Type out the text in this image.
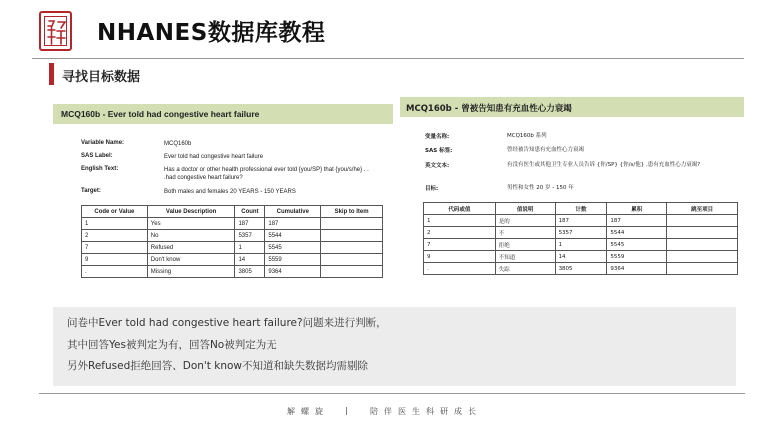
NHANES数据库教程
寻找目标数据
MCQ160b - Ever told had congestive heart failure
Variable Name:	MCQ160b
SAS Label:	Ever told had congestive heart failure
English Text:	Has a doctor or other health professional ever told {you/SP} that {you/s/he} . . .had congestive heart failure?
Target:	Both males and females 20 YEARS - 150 YEARS
Code or Value	Value Description	Count	Cumulative	Skip to Item
1	Yes	187	187	
2	No	5357	5544	
7	Refused	1	5545	
9	Don't know	14	5559	
.	Missing	3805	9364	
MCQ160b - 曾被告知患有充血性心力衰竭
变量名称:	MCQ160b 系列
SAS 标签:	曾经被告知患有充血性心力衰竭
英文文本:	有没有医生或其他卫生专业人员告诉 {你/SP} {你/s/他} .患有充血性心力衰竭?
目标:	男性和女性 20 岁 - 150 年
代码或值	值说明	计数	累积	跳至项目
1	是的	187	187	
2	不	5357	5544	
7	拒绝	1	5545	
9	不知道	14	5559	
.	失踪	3805	9364	
问卷中Ever told had congestive heart failure?问题来进行判断，
其中回答Yes被判定为有，回答No被判定为无
另外Refused拒绝回答、Don't know不知道和缺失数据均需剔除
解螺旋 |	陪伴医生科研成长
